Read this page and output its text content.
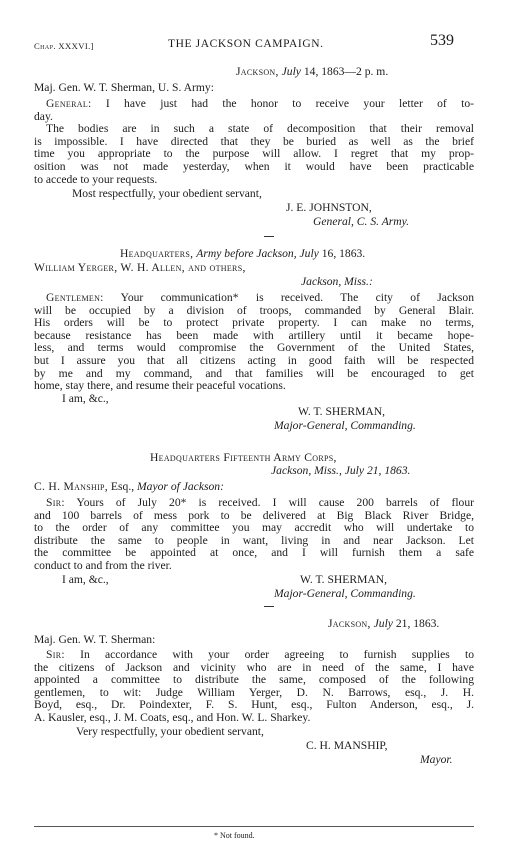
Chap. XXXVI.]	THE JACKSON CAMPAIGN.	539
Jackson, July 14, 1863—2 p. m.
Maj. Gen. W. T. Sherman, U. S. Army:
General: I have just had the honor to receive your letter of to-
day.
The bodies are in such a state of decomposition that their removal
is impossible. I have directed that they be buried as well as the brief
time you appropriate to the purpose will allow. I regret that my prop-
osition was not made yesterday, when it would have been practicable
to accede to your requests.
Most respectfully, your obedient servant,
J. E. JOHNSTON,
General, C. S. Army.
Headquarters, Army before Jackson, July 16, 1863.
William Yerger, W. H. Allen, and others,
Jackson, Miss.:
Gentlemen: Your communication* is received. The city of Jackson
will be occupied by a division of troops, commanded by General Blair.
His orders will be to protect private property. I can make no terms,
because resistance has been made with artillery until it became hope-
less, and terms would compromise the Government of the United States,
but I assure you that all citizens acting in good faith will be respected
by me and my command, and that families will be encouraged to get
home, stay there, and resume their peaceful vocations.
I am, &c.,
W. T. SHERMAN,
Major-General, Commanding.
Headquarters Fifteenth Army Corps,
Jackson, Miss., July 21, 1863.
C. H. Manship, Esq., Mayor of Jackson:
Sir: Yours of July 20* is received. I will cause 200 barrels of flour
and 100 barrels of mess pork to be delivered at Big Black River Bridge,
to the order of any committee you may accredit who will undertake to
distribute the same to people in want, living in and near Jackson. Let
the committee be appointed at once, and I will furnish them a safe
conduct to and from the river.
I am, &c.,	W. T. SHERMAN,
Major-General, Commanding.
Jackson, July 21, 1863.
Maj. Gen. W. T. Sherman:
Sir: In accordance with your order agreeing to furnish supplies to
the citizens of Jackson and vicinity who are in need of the same, I have
appointed a committee to distribute the same, composed of the following
gentlemen, to wit: Judge William Yerger, D. N. Barrows, esq., J. H.
Boyd, esq., Dr. Poindexter, F. S. Hunt, esq., Fulton Anderson, esq., J.
A. Kausler, esq., J. M. Coats, esq., and Hon. W. L. Sharkey.
Very respectfully, your obedient servant,
C. H. MANSHIP,
Mayor.
* Not found.
